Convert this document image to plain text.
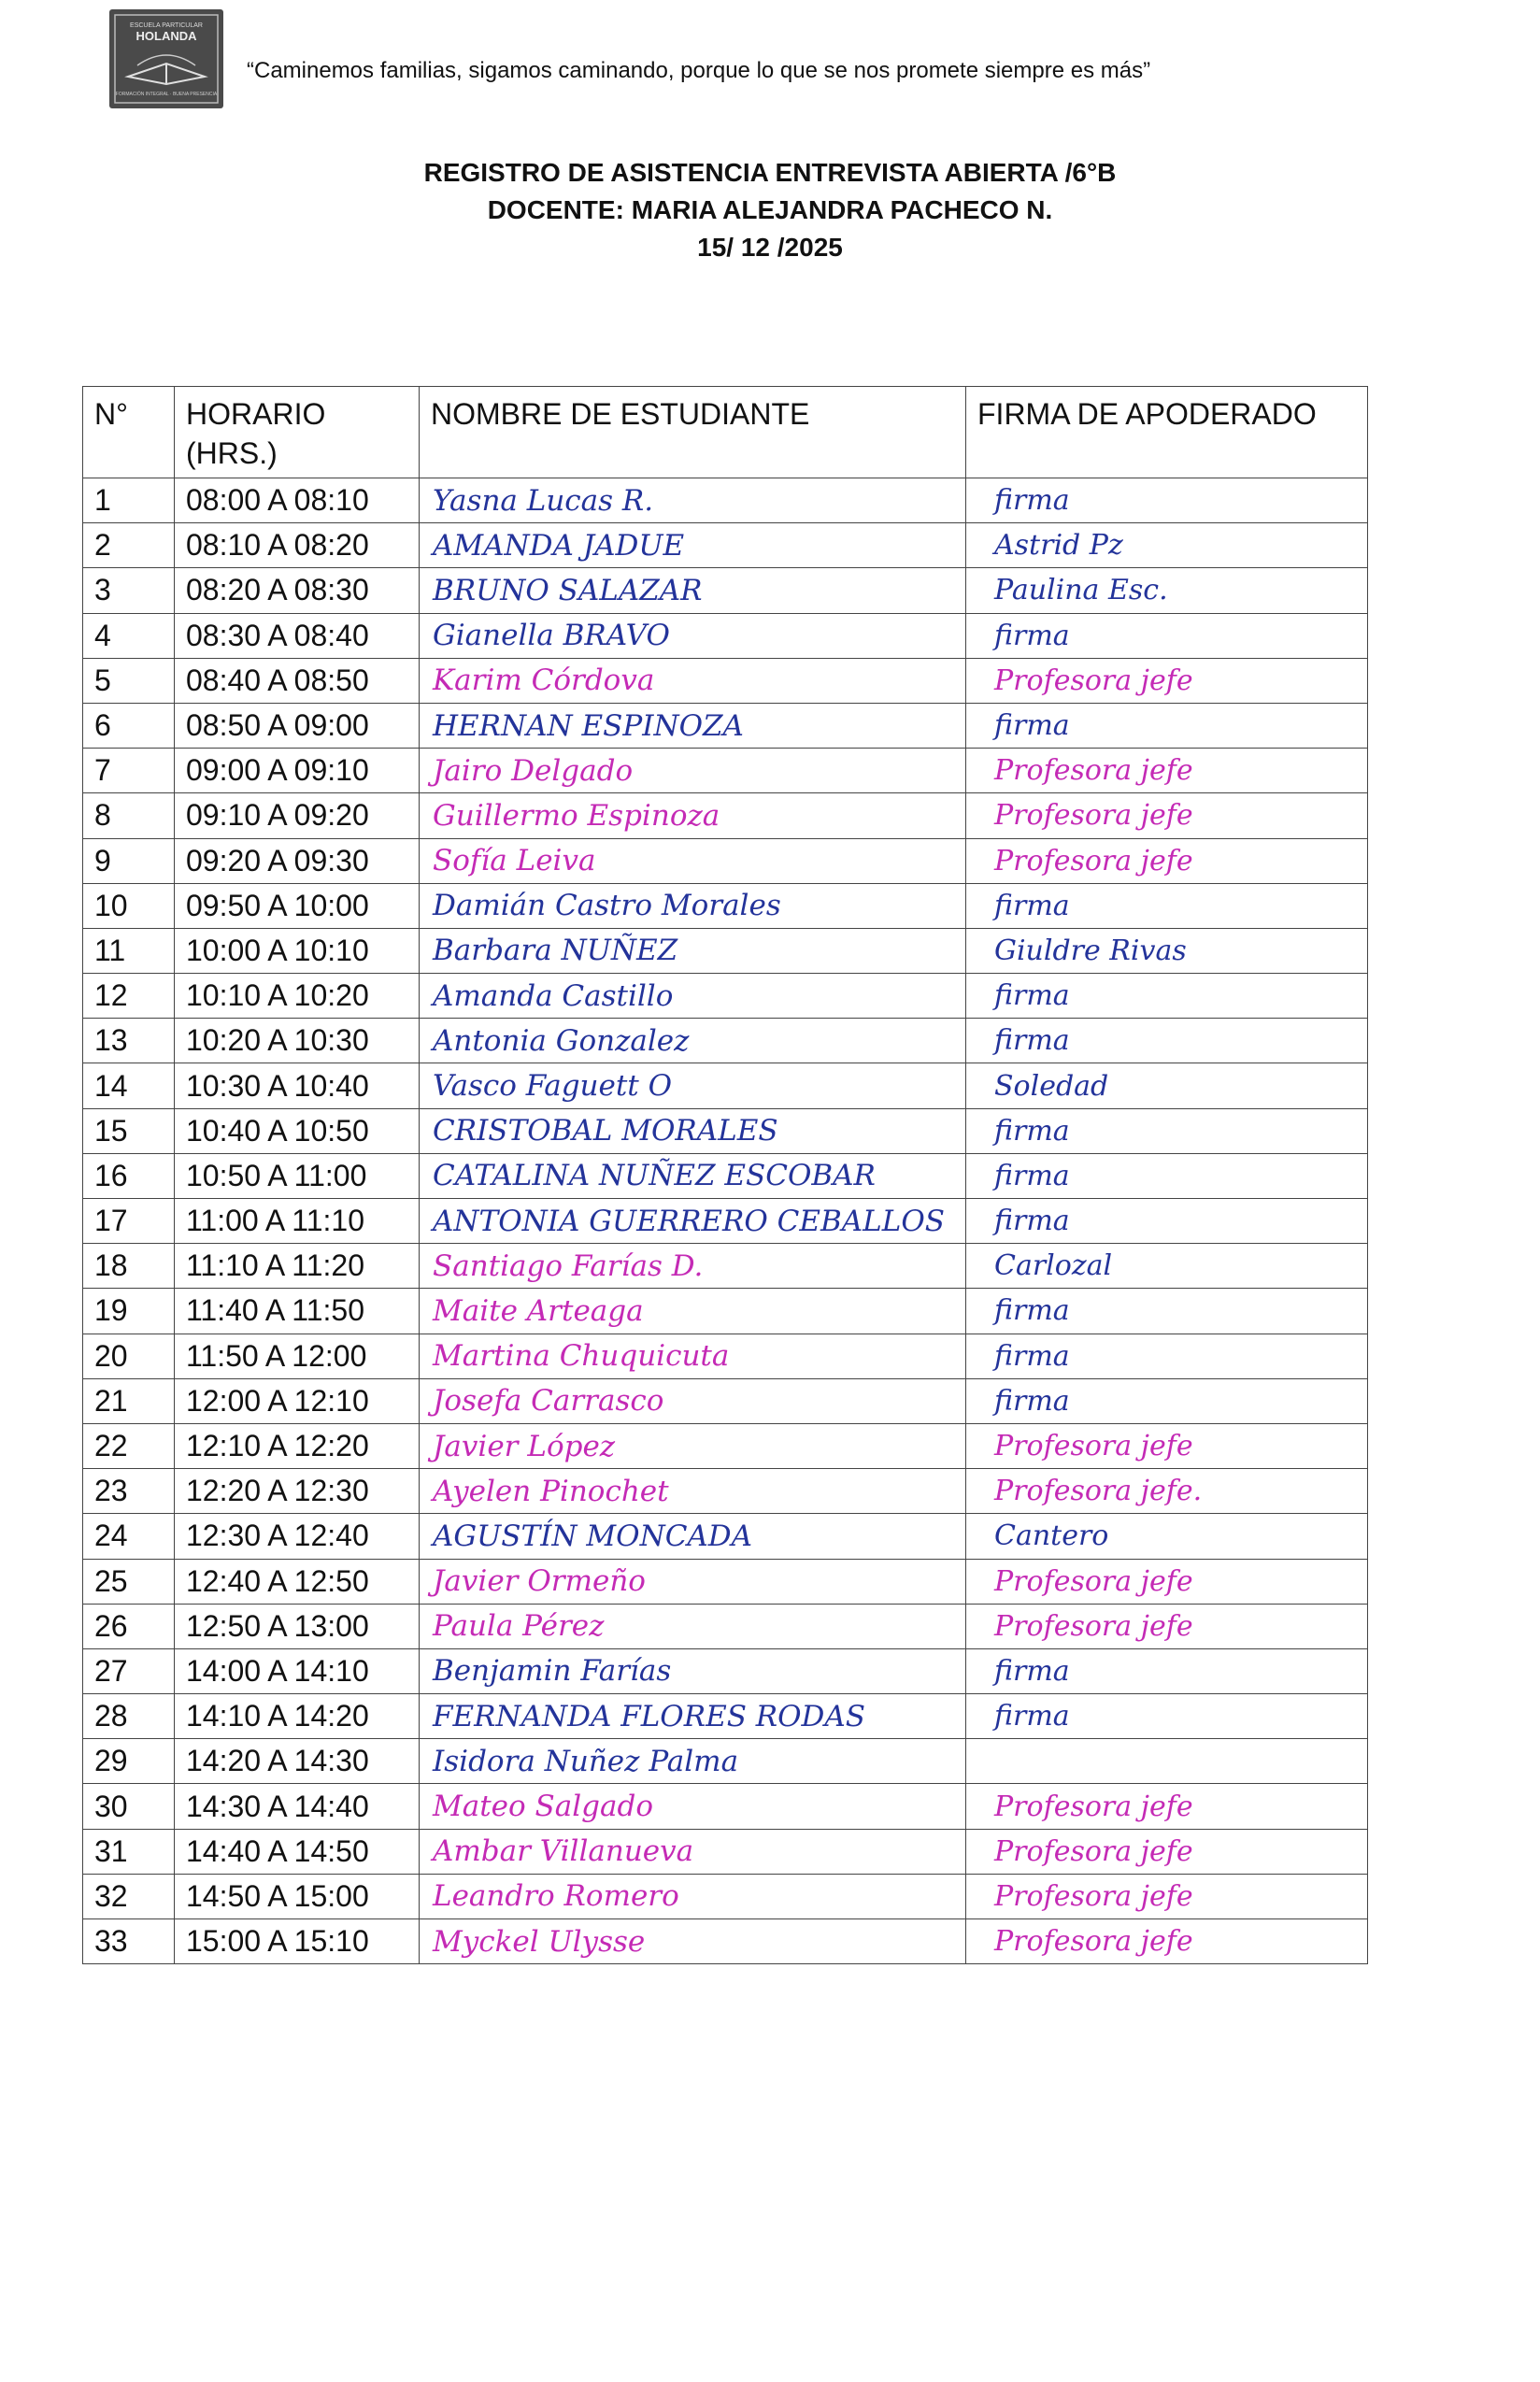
ESCUELA PARTICULAR
HOLANDA
FORMACIÓN INTEGRAL · BUENA PRESENCIA
“Caminemos familias, sigamos caminando, porque lo que se nos promete siempre es más”
REGISTRO DE ASISTENCIA ENTREVISTA ABIERTA /6°B
DOCENTE: MARIA ALEJANDRA PACHECO N.
15/ 12 /2025
N°	HORARIO (HRS.)	NOMBRE DE ESTUDIANTE	FIRMA DE APODERADO
1	08:00 A 08:10	Yasna Lucas R.	firma

2	08:10 A 08:20	AMANDA JADUE	Astrid Pz

3	08:20 A 08:30	BRUNO SALAZAR	Paulina Esc.

4	08:30 A 08:40	Gianella BRAVO	firma

5	08:40 A 08:50	Karim Córdova	Profesora jefe

6	08:50 A 09:00	HERNAN ESPINOZA	firma

7	09:00 A 09:10	Jairo Delgado	Profesora jefe

8	09:10 A 09:20	Guillermo Espinoza	Profesora jefe

9	09:20 A 09:30	Sofía Leiva	Profesora jefe

10	09:50 A 10:00	Damián Castro Morales	firma

11	10:00 A 10:10	Barbara NUÑEZ	Giuldre Rivas

12	10:10 A 10:20	Amanda Castillo	firma

13	10:20 A 10:30	Antonia Gonzalez	firma

14	10:30 A 10:40	Vasco Faguett O	Soledad

15	10:40 A 10:50	CRISTOBAL MORALES	firma

16	10:50 A 11:00	CATALINA NUÑEZ ESCOBAR	firma

17	11:00 A 11:10	ANTONIA GUERRERO CEBALLOS	firma

18	11:10 A 11:20	Santiago Farías D.	Carlozal

19	11:40 A 11:50	Maite Arteaga	firma

20	11:50 A 12:00	Martina Chuquicuta	firma

21	12:00 A 12:10	Josefa Carrasco	firma

22	12:10 A 12:20	Javier López	Profesora jefe

23	12:20 A 12:30	Ayelen Pinochet	Profesora jefe.

24	12:30 A 12:40	AGUSTÍN MONCADA	Cantero

25	12:40 A 12:50	Javier Ormeño	Profesora jefe

26	12:50 A 13:00	Paula Pérez	Profesora jefe

27	14:00 A 14:10	Benjamin Farías	firma

28	14:10 A 14:20	FERNANDA FLORES RODAS	firma

29	14:20 A 14:30	Isidora Nuñez Palma	

30	14:30 A 14:40	Mateo Salgado	Profesora jefe

31	14:40 A 14:50	Ambar Villanueva	Profesora jefe

32	14:50 A 15:00	Leandro Romero	Profesora jefe

33	15:00 A 15:10	Myckel Ulysse	Profesora jefe
